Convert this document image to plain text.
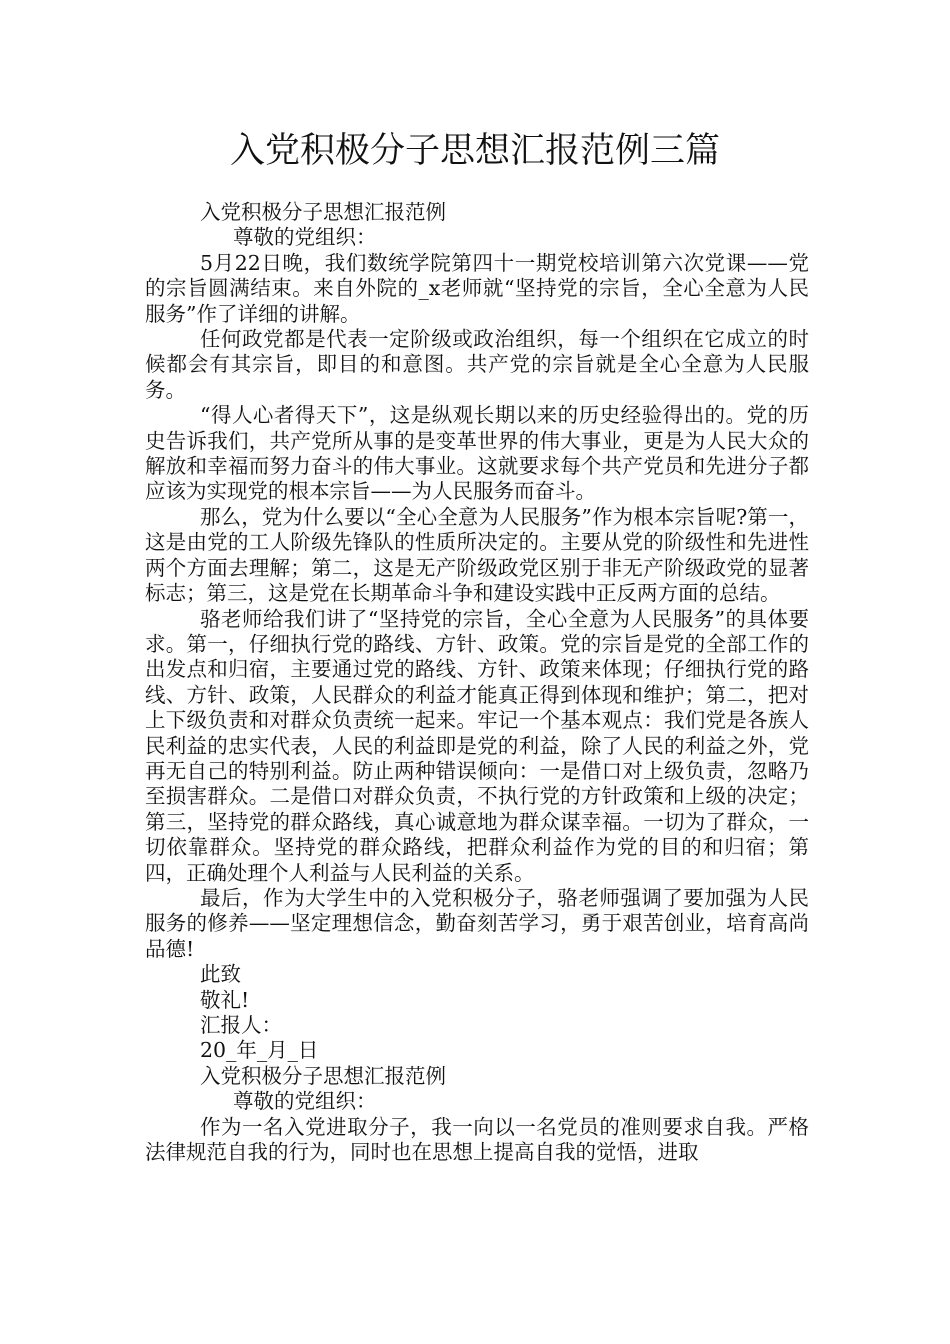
入党积极分子思想汇报范例三篇

入党积极分子思想汇报范例

尊敬的党组织：

5月22日晚，我们数统学院第四十一期党校培训第六次党课——党的宗旨圆满结束。来自外院的_x老师就“坚持党的宗旨，全心全意为人民服务”作了详细的讲解。

任何政党都是代表一定阶级或政治组织，每一个组织在它成立的时候都会有其宗旨，即目的和意图。共产党的宗旨就是全心全意为人民服务。

“得人心者得天下”，这是纵观长期以来的历史经验得出的。党的历史告诉我们，共产党所从事的是变革世界的伟大事业，更是为人民大众的解放和幸福而努力奋斗的伟大事业。这就要求每个共产党员和先进分子都应该为实现党的根本宗旨——为人民服务而奋斗。

那么，党为什么要以“全心全意为人民服务”作为根本宗旨呢?第一，这是由党的工人阶级先锋队的性质所决定的。主要从党的阶级性和先进性两个方面去理解；第二，这是无产阶级政党区别于非无产阶级政党的显著标志；第三，这是党在长期革命斗争和建设实践中正反两方面的总结。

骆老师给我们讲了“坚持党的宗旨，全心全意为人民服务”的具体要求。第一，仔细执行党的路线、方针、政策。党的宗旨是党的全部工作的出发点和归宿，主要通过党的路线、方针、政策来体现；仔细执行党的路线、方针、政策，人民群众的利益才能真正得到体现和维护；第二，把对上下级负责和对群众负责统一起来。牢记一个基本观点：我们党是各族人民利益的忠实代表，人民的利益即是党的利益，除了人民的利益之外，党再无自己的特别利益。防止两种错误倾向：一是借口对上级负责，忽略乃至损害群众。二是借口对群众负责，不执行党的方针政策和上级的决定；第三，坚持党的群众路线，真心诚意地为群众谋幸福。一切为了群众，一切依靠群众。坚持党的群众路线，把群众利益作为党的目的和归宿；第四，正确处理个人利益与人民利益的关系。

最后，作为大学生中的入党积极分子，骆老师强调了要加强为人民服务的修养——坚定理想信念，勤奋刻苦学习，勇于艰苦创业，培育高尚品德!

此致

敬礼!

汇报人：

20_年_月_日

入党积极分子思想汇报范例

尊敬的党组织：

作为一名入党进取分子，我一向以一名党员的准则要求自我。严格法律规范自我的行为，同时也在思想上提高自我的觉悟，进取
